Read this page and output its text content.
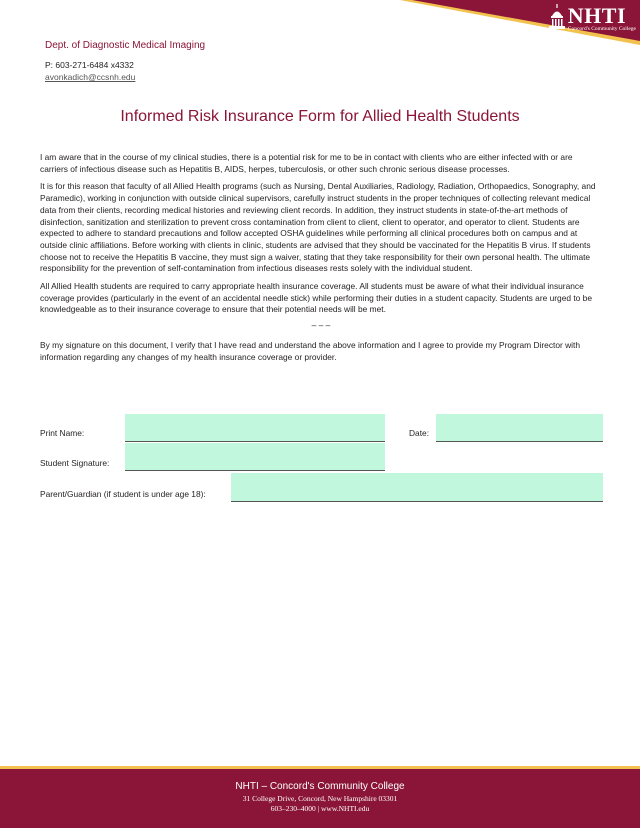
NHTI
Concord's Community College
Dept. of Diagnostic Medical Imaging
P: 603-271-6484 x4332
avonkadich@ccsnh.edu
Informed Risk Insurance Form for Allied Health Students

I am aware that in the course of my clinical studies, there is a potential risk for me to be in contact with clients who are either infected with or are carriers of infectious disease such as Hepatitis B, AIDS, herpes, tuberculosis, or other such chronic serious disease processes.

It is for this reason that faculty of all Allied Health programs (such as Nursing, Dental Auxiliaries, Radiology, Radiation, Orthopaedics, Sonography, and Paramedic), working in conjunction with outside clinical supervisors, carefully instruct students in the proper techniques of collecting relevant medical data from their clients, recording medical histories and reviewing client records. In addition, they instruct students in state-of-the-art methods of disinfection, sanitization and sterilization to prevent cross contamination from client to client, client to operator, and operator to client. Students are expected to adhere to standard precautions and follow accepted OSHA guidelines while performing all clinical procedures both on campus and at outside clinic affiliations. Before working with clients in clinic, students are advised that they should be vaccinated for the Hepatitis B virus. If students choose not to receive the Hepatitis B vaccine, they must sign a waiver, stating that they take responsibility for their own personal health. The ultimate responsibility for the prevention of self-contamination from infectious diseases rests solely with the individual student.

All Allied Health students are required to carry appropriate health insurance coverage. All students must be aware of what their individual insurance coverage provides (particularly in the event of an accidental needle stick) while performing their duties in a student capacity. Students are urged to be knowledgeable as to their insurance coverage to ensure that their potential needs will be met.

– – –

By my signature on this document, I verify that I have read and understand the above information and I agree to provide my Program Director with information regarding any changes of my health insurance coverage or provider.

Print Name:	Date:
Student Signature:
Parent/Guardian (if student is under age 18):
NHTI – Concord's Community College
31 College Drive, Concord, New Hampshire 03301
603–230–4000 | www.NHTI.edu
